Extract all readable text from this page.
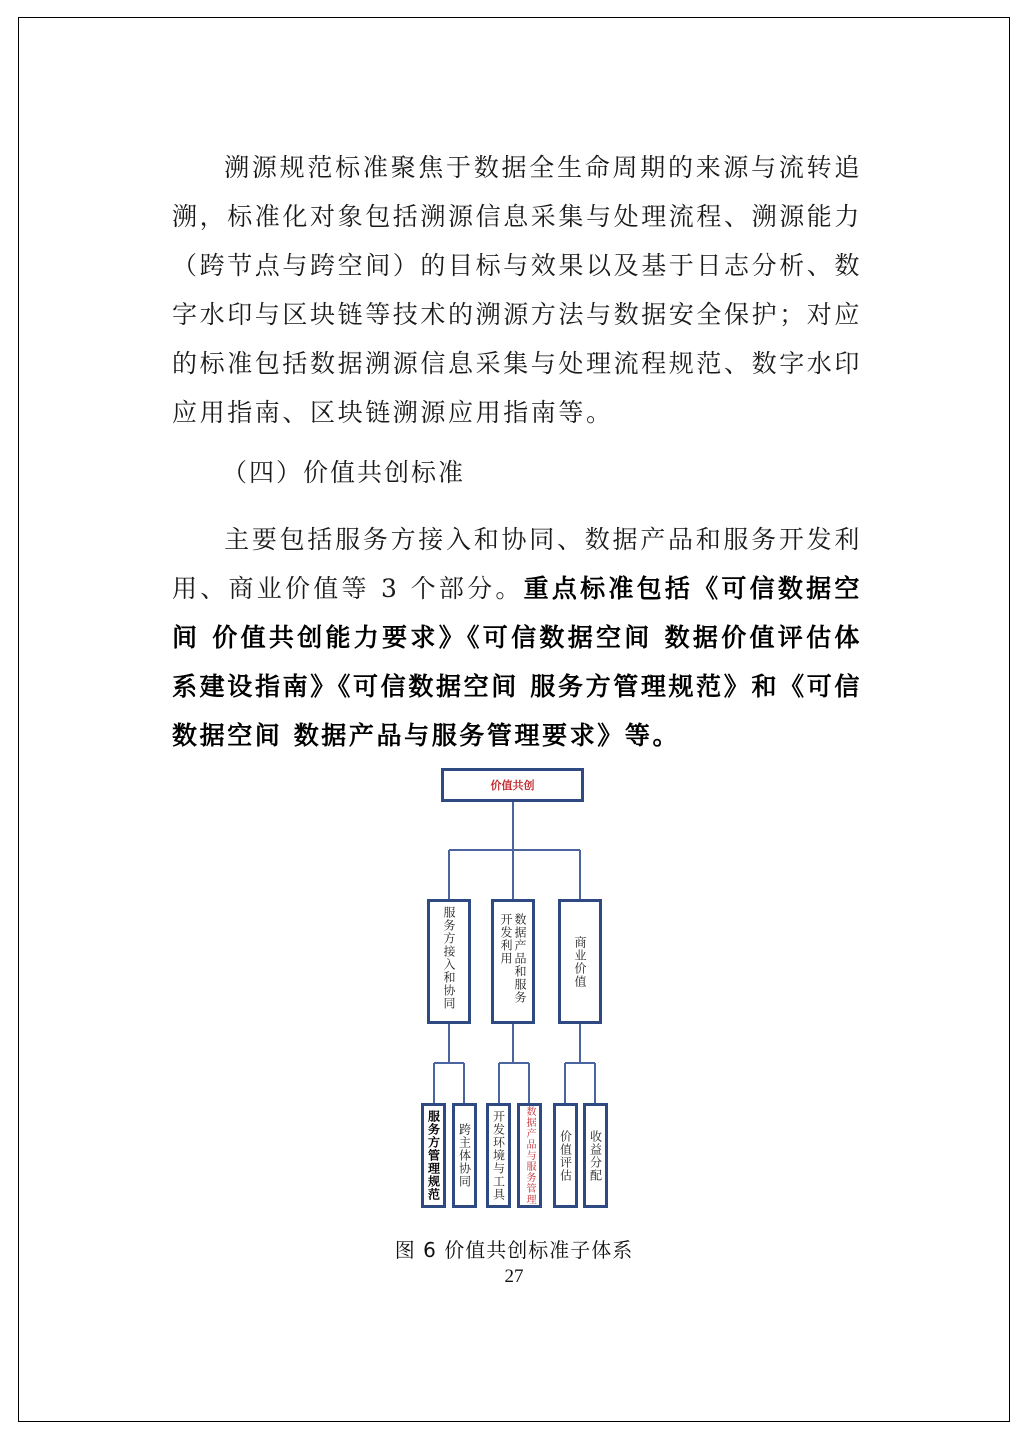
溯源规范标准聚焦于数据全生命周期的来源与流转追溯，标准化对象包括溯源信息采集与处理流程、溯源能力（跨节点与跨空间）的目标与效果以及基于日志分析、数字水印与区块链等技术的溯源方法与数据安全保护；对应的标准包括数据溯源信息采集与处理流程规范、数字水印应用指南、区块链溯源应用指南等。
（四）价值共创标准
主要包括服务方接入和协同、数据产品和服务开发利用、商业价值等 3 个部分。重点标准包括《可信数据空间 价值共创能力要求》《可信数据空间 数据价值评估体系建设指南》《可信数据空间 服务方管理规范》和《可信数据空间 数据产品与服务管理要求》等。
价值共创
服务方接入和协同	数据产品和服务开发利用	商业价值
服务方管理规范 跨主体协同 开发环境与工具 数据产品与服务管理 价值评估 收益分配
图 6 价值共创标准子体系
27
